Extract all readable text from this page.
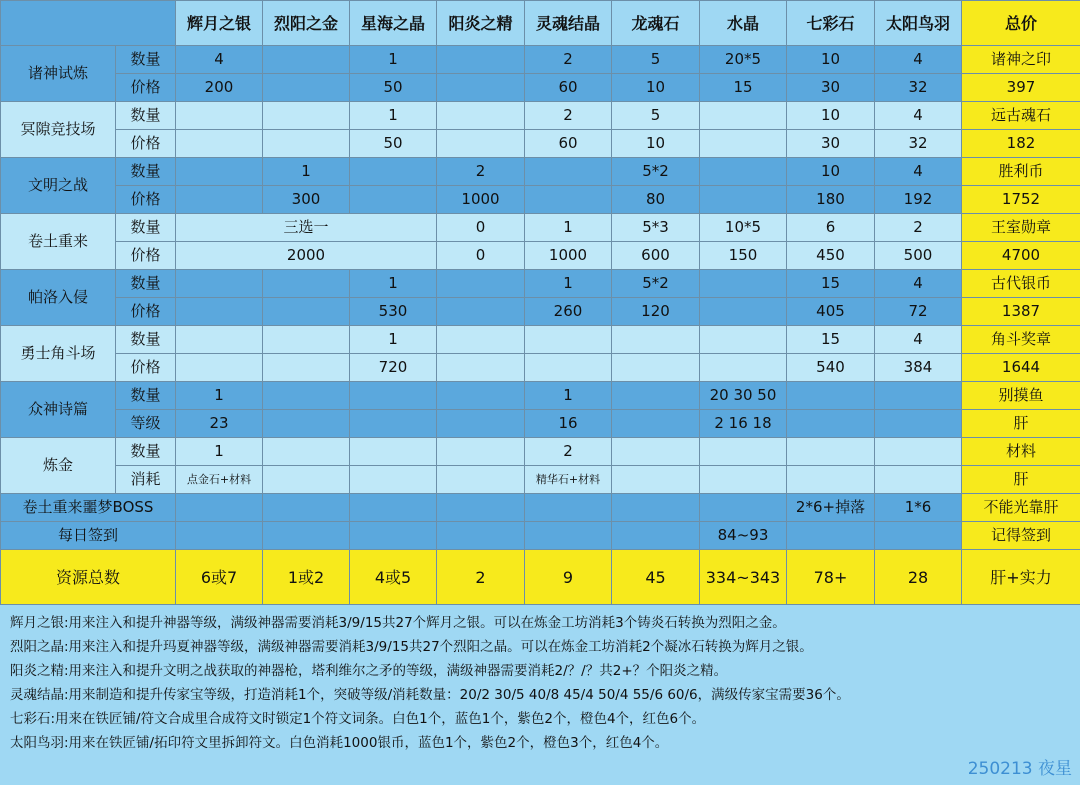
		辉月之银	烈阳之金	星海之晶	阳炎之精	灵魂结晶	龙魂石	水晶	七彩石	太阳鸟羽	总价
诸神试炼	数量	4		1		2	5	20*5	10	4	诸神之印
	价格	200		50		60	10	15	30	32	397
冥隙竞技场	数量			1		2	5		10	4	远古魂石
	价格			50		60	10		30	32	182
文明之战	数量		1		2		5*2		10	4	胜利币
	价格		300		1000		80		180	192	1752
卷土重来	数量	三选一			0	1	5*3	10*5	6	2	王室勋章
	价格	2000			0	1000	600	150	450	500	4700
帕洛入侵	数量			1		1	5*2		15	4	古代银币
	价格			530		260	120		405	72	1387
勇士角斗场	数量			1					15	4	角斗奖章
	价格			720					540	384	1644
众神诗篇	数量	1				1		20 30 50			别摸鱼
	等级	23				16		2 16 18			肝
炼金	数量	1				2					材料
	消耗	点金石+材料				精华石+材料					肝
卷土重来噩梦BOSS									2*6+掉落	1*6	不能光靠肝
每日签到								84~93			记得签到
资源总数		6或7	1或2	4或5	2	9	45	334~343	78+	28	肝+实力
辉月之银:用来注入和提升神器等级，满级神器需要消耗3/9/15共27个辉月之银。可以在炼金工坊消耗3个铸炎石转换为烈阳之金。
烈阳之晶:用来注入和提升玛夏神器等级，满级神器需要消耗3/9/15共27个烈阳之晶。可以在炼金工坊消耗2个凝冰石转换为辉月之银。
阳炎之精:用来注入和提升文明之战获取的神器枪，塔利维尔之矛的等级，满级神器需要消耗2/？/？共2+？个阳炎之精。
灵魂结晶:用来制造和提升传家宝等级，打造消耗1个，突破等级/消耗数量：20/2 30/5 40/8 45/4 50/4 55/6 60/6，满级传家宝需要36个。
七彩石:用来在铁匠铺/符文合成里合成符文时锁定1个符文词条。白色1个，蓝色1个，紫色2个，橙色4个，红色6个。
太阳鸟羽:用来在铁匠铺/拓印符文里拆卸符文。白色消耗1000银币，蓝色1个，紫色2个，橙色3个，红色4个。
250213 夜星
